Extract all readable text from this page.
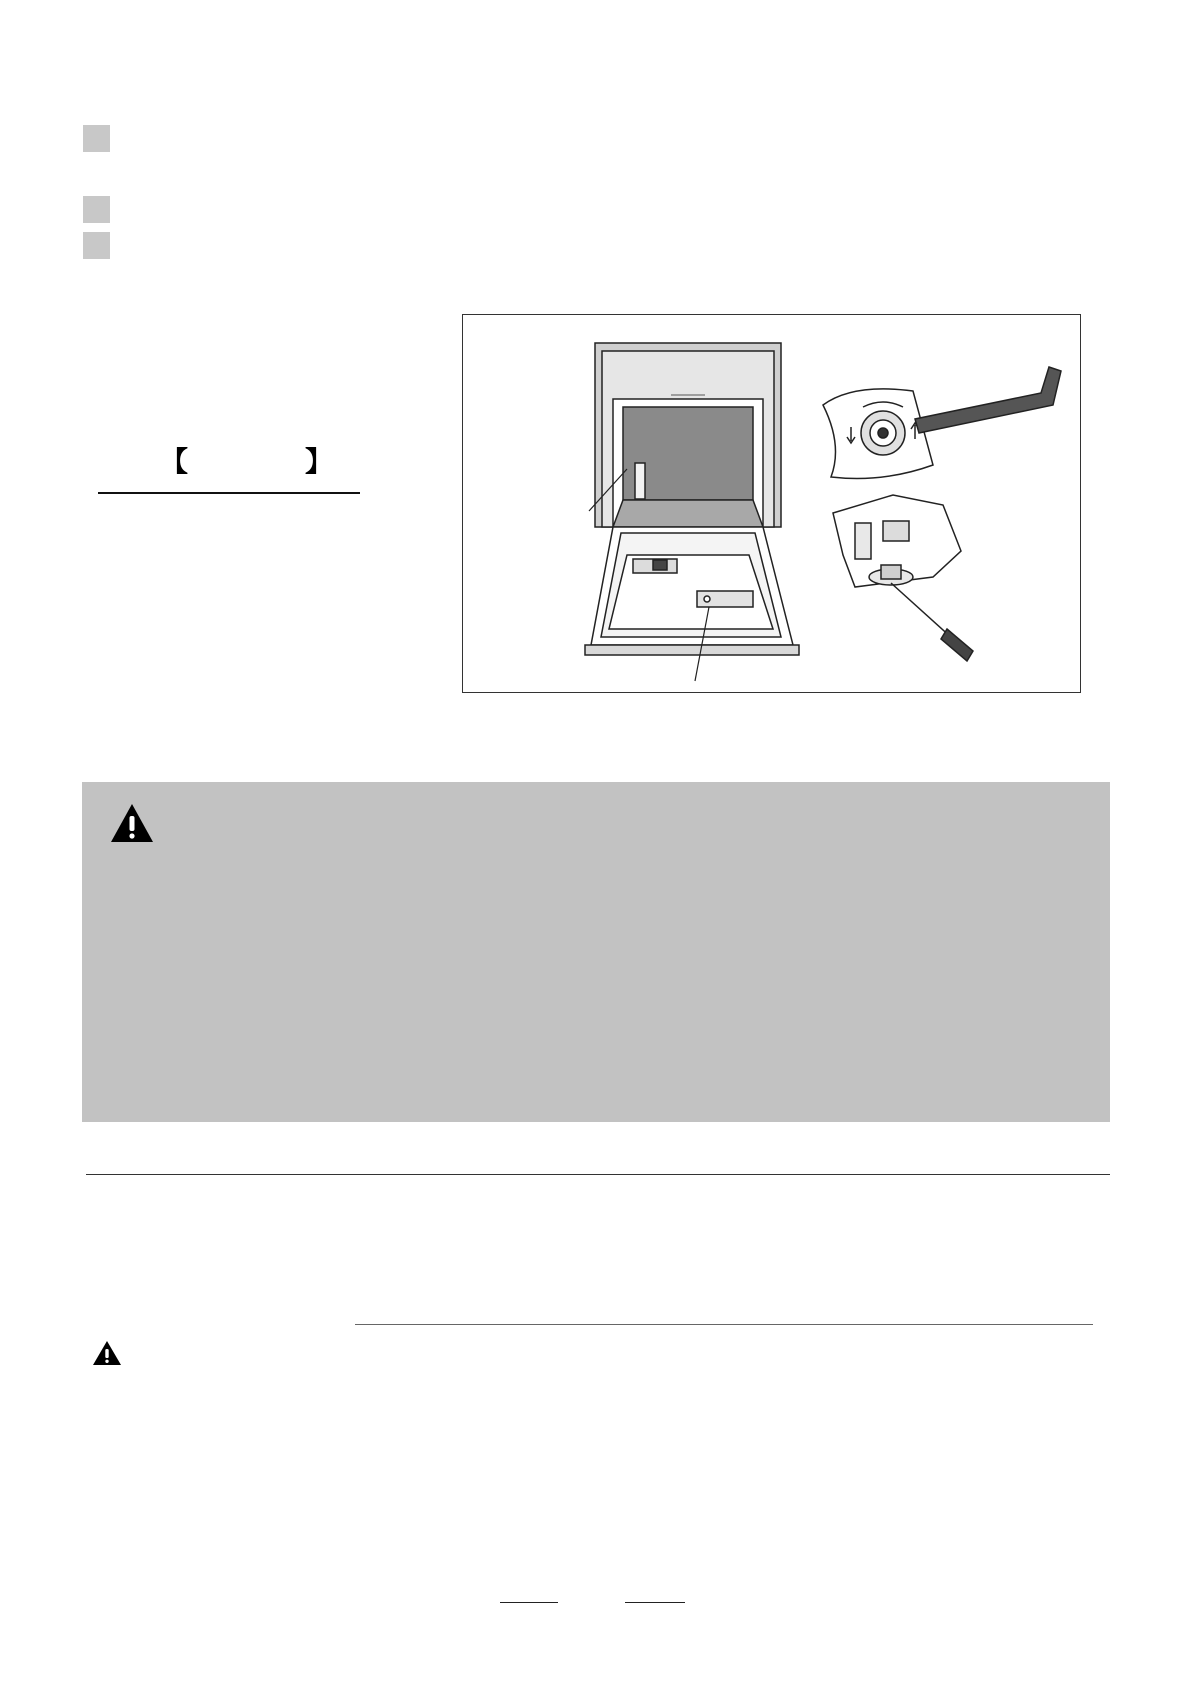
【	】
